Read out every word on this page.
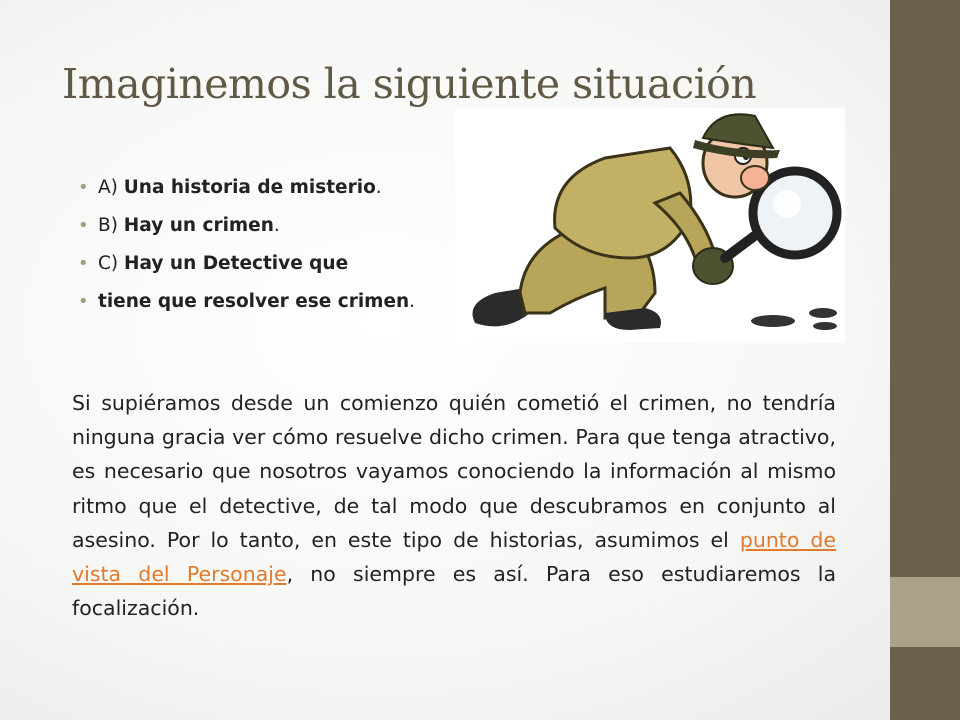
Imaginemos la siguiente situación
• A) Una historia de misterio.
• B) Hay un crimen.
• C) Hay un Detective que
• tiene que resolver ese crimen.

Si supiéramos desde un comienzo quién cometió el crimen, no tendría ninguna gracia ver cómo resuelve dicho crimen. Para que tenga atractivo, es necesario que nosotros vayamos conociendo la información al mismo ritmo que el detective, de tal modo que descubramos en conjunto al asesino. Por lo tanto, en este tipo de historias, asumimos el punto de vista del Personaje, no siempre es así. Para eso estudiaremos la focalización.
